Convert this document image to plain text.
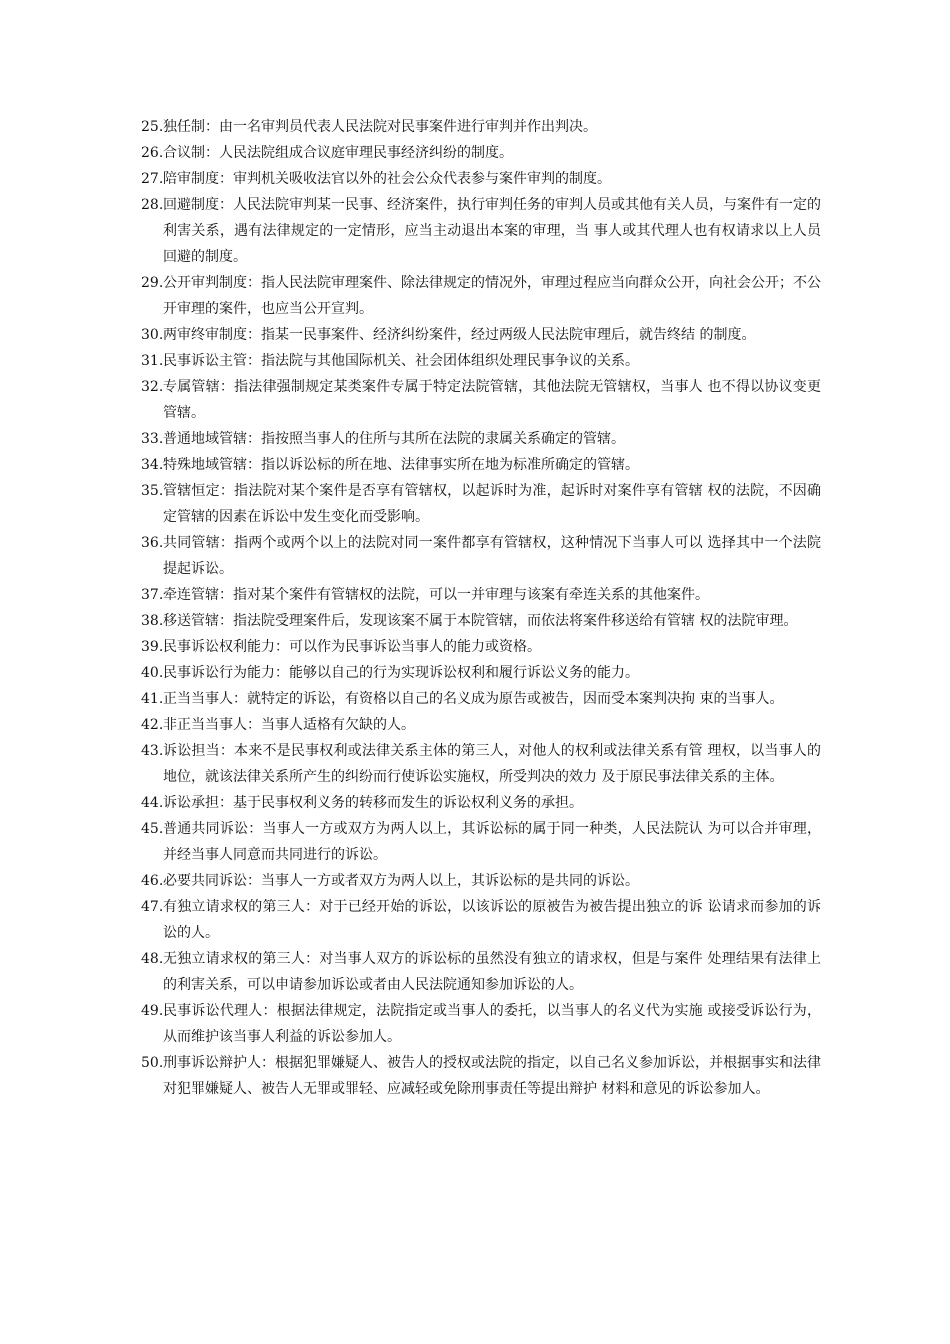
25. 独任制：由一名审判员代表人民法院对民事案件进行审判并作出判决。
26. 合议制：人民法院组成合议庭审理民事经济纠纷的制度。
27. 陪审制度：审判机关吸收法官以外的社会公众代表参与案件审判的制度。
28. 回避制度：人民法院审判某一民事、经济案件，执行审判任务的审判人员或其他有关人员，与案件有一定的利害关系，遇有法律规定的一定情形，应当主动退出本案的审理，当 事人或其代理人也有权请求以上人员回避的制度。
29. 公开审判制度：指人民法院审理案件、除法律规定的情况外，审理过程应当向群众公开，向社会公开；不公开审理的案件，也应当公开宣判。
30. 两审终审制度：指某一民事案件、经济纠纷案件，经过两级人民法院审理后，就告终结 的制度。
31. 民事诉讼主管：指法院与其他国际机关、社会团体组织处理民事争议的关系。
32. 专属管辖：指法律强制规定某类案件专属于特定法院管辖，其他法院无管辖权，当事人 也不得以协议变更管辖。
33. 普通地域管辖：指按照当事人的住所与其所在法院的隶属关系确定的管辖。
34. 特殊地域管辖：指以诉讼标的所在地、法律事实所在地为标准所确定的管辖。
35. 管辖恒定：指法院对某个案件是否享有管辖权，以起诉时为准，起诉时对案件享有管辖 权的法院，不因确定管辖的因素在诉讼中发生变化而受影响。
36. 共同管辖：指两个或两个以上的法院对同一案件都享有管辖权，这种情况下当事人可以 选择其中一个法院提起诉讼。
37. 牵连管辖：指对某个案件有管辖权的法院，可以一并审理与该案有牵连关系的其他案件。
38. 移送管辖：指法院受理案件后，发现该案不属于本院管辖，而依法将案件移送给有管辖 权的法院审理。
39. 民事诉讼权利能力：可以作为民事诉讼当事人的能力或资格。
40. 民事诉讼行为能力：能够以自己的行为实现诉讼权利和履行诉讼义务的能力。
41. 正当当事人：就特定的诉讼，有资格以自己的名义成为原告或被告，因而受本案判决拘 束的当事人。
42. 非正当当事人：当事人适格有欠缺的人。
43. 诉讼担当：本来不是民事权利或法律关系主体的第三人，对他人的权利或法律关系有管 理权，以当事人的地位，就该法律关系所产生的纠纷而行使诉讼实施权，所受判决的效力 及于原民事法律关系的主体。
44. 诉讼承担：基于民事权利义务的转移而发生的诉讼权利义务的承担。
45. 普通共同诉讼：当事人一方或双方为两人以上，其诉讼标的属于同一种类，人民法院认 为可以合并审理，并经当事人同意而共同进行的诉讼。
46. 必要共同诉讼：当事人一方或者双方为两人以上，其诉讼标的是共同的诉讼。
47. 有独立请求权的第三人：对于已经开始的诉讼，以该诉讼的原被告为被告提出独立的诉 讼请求而参加的诉讼的人。
48. 无独立请求权的第三人：对当事人双方的诉讼标的虽然没有独立的请求权，但是与案件 处理结果有法律上的利害关系，可以申请参加诉讼或者由人民法院通知参加诉讼的人。
49. 民事诉讼代理人：根据法律规定，法院指定或当事人的委托，以当事人的名义代为实施 或接受诉讼行为，从而维护该当事人利益的诉讼参加人。
50. 刑事诉讼辩护人：根据犯罪嫌疑人、被告人的授权或法院的指定，以自己名义参加诉讼，并根据事实和法律对犯罪嫌疑人、被告人无罪或罪轻、应减轻或免除刑事责任等提出辩护 材料和意见的诉讼参加人。
